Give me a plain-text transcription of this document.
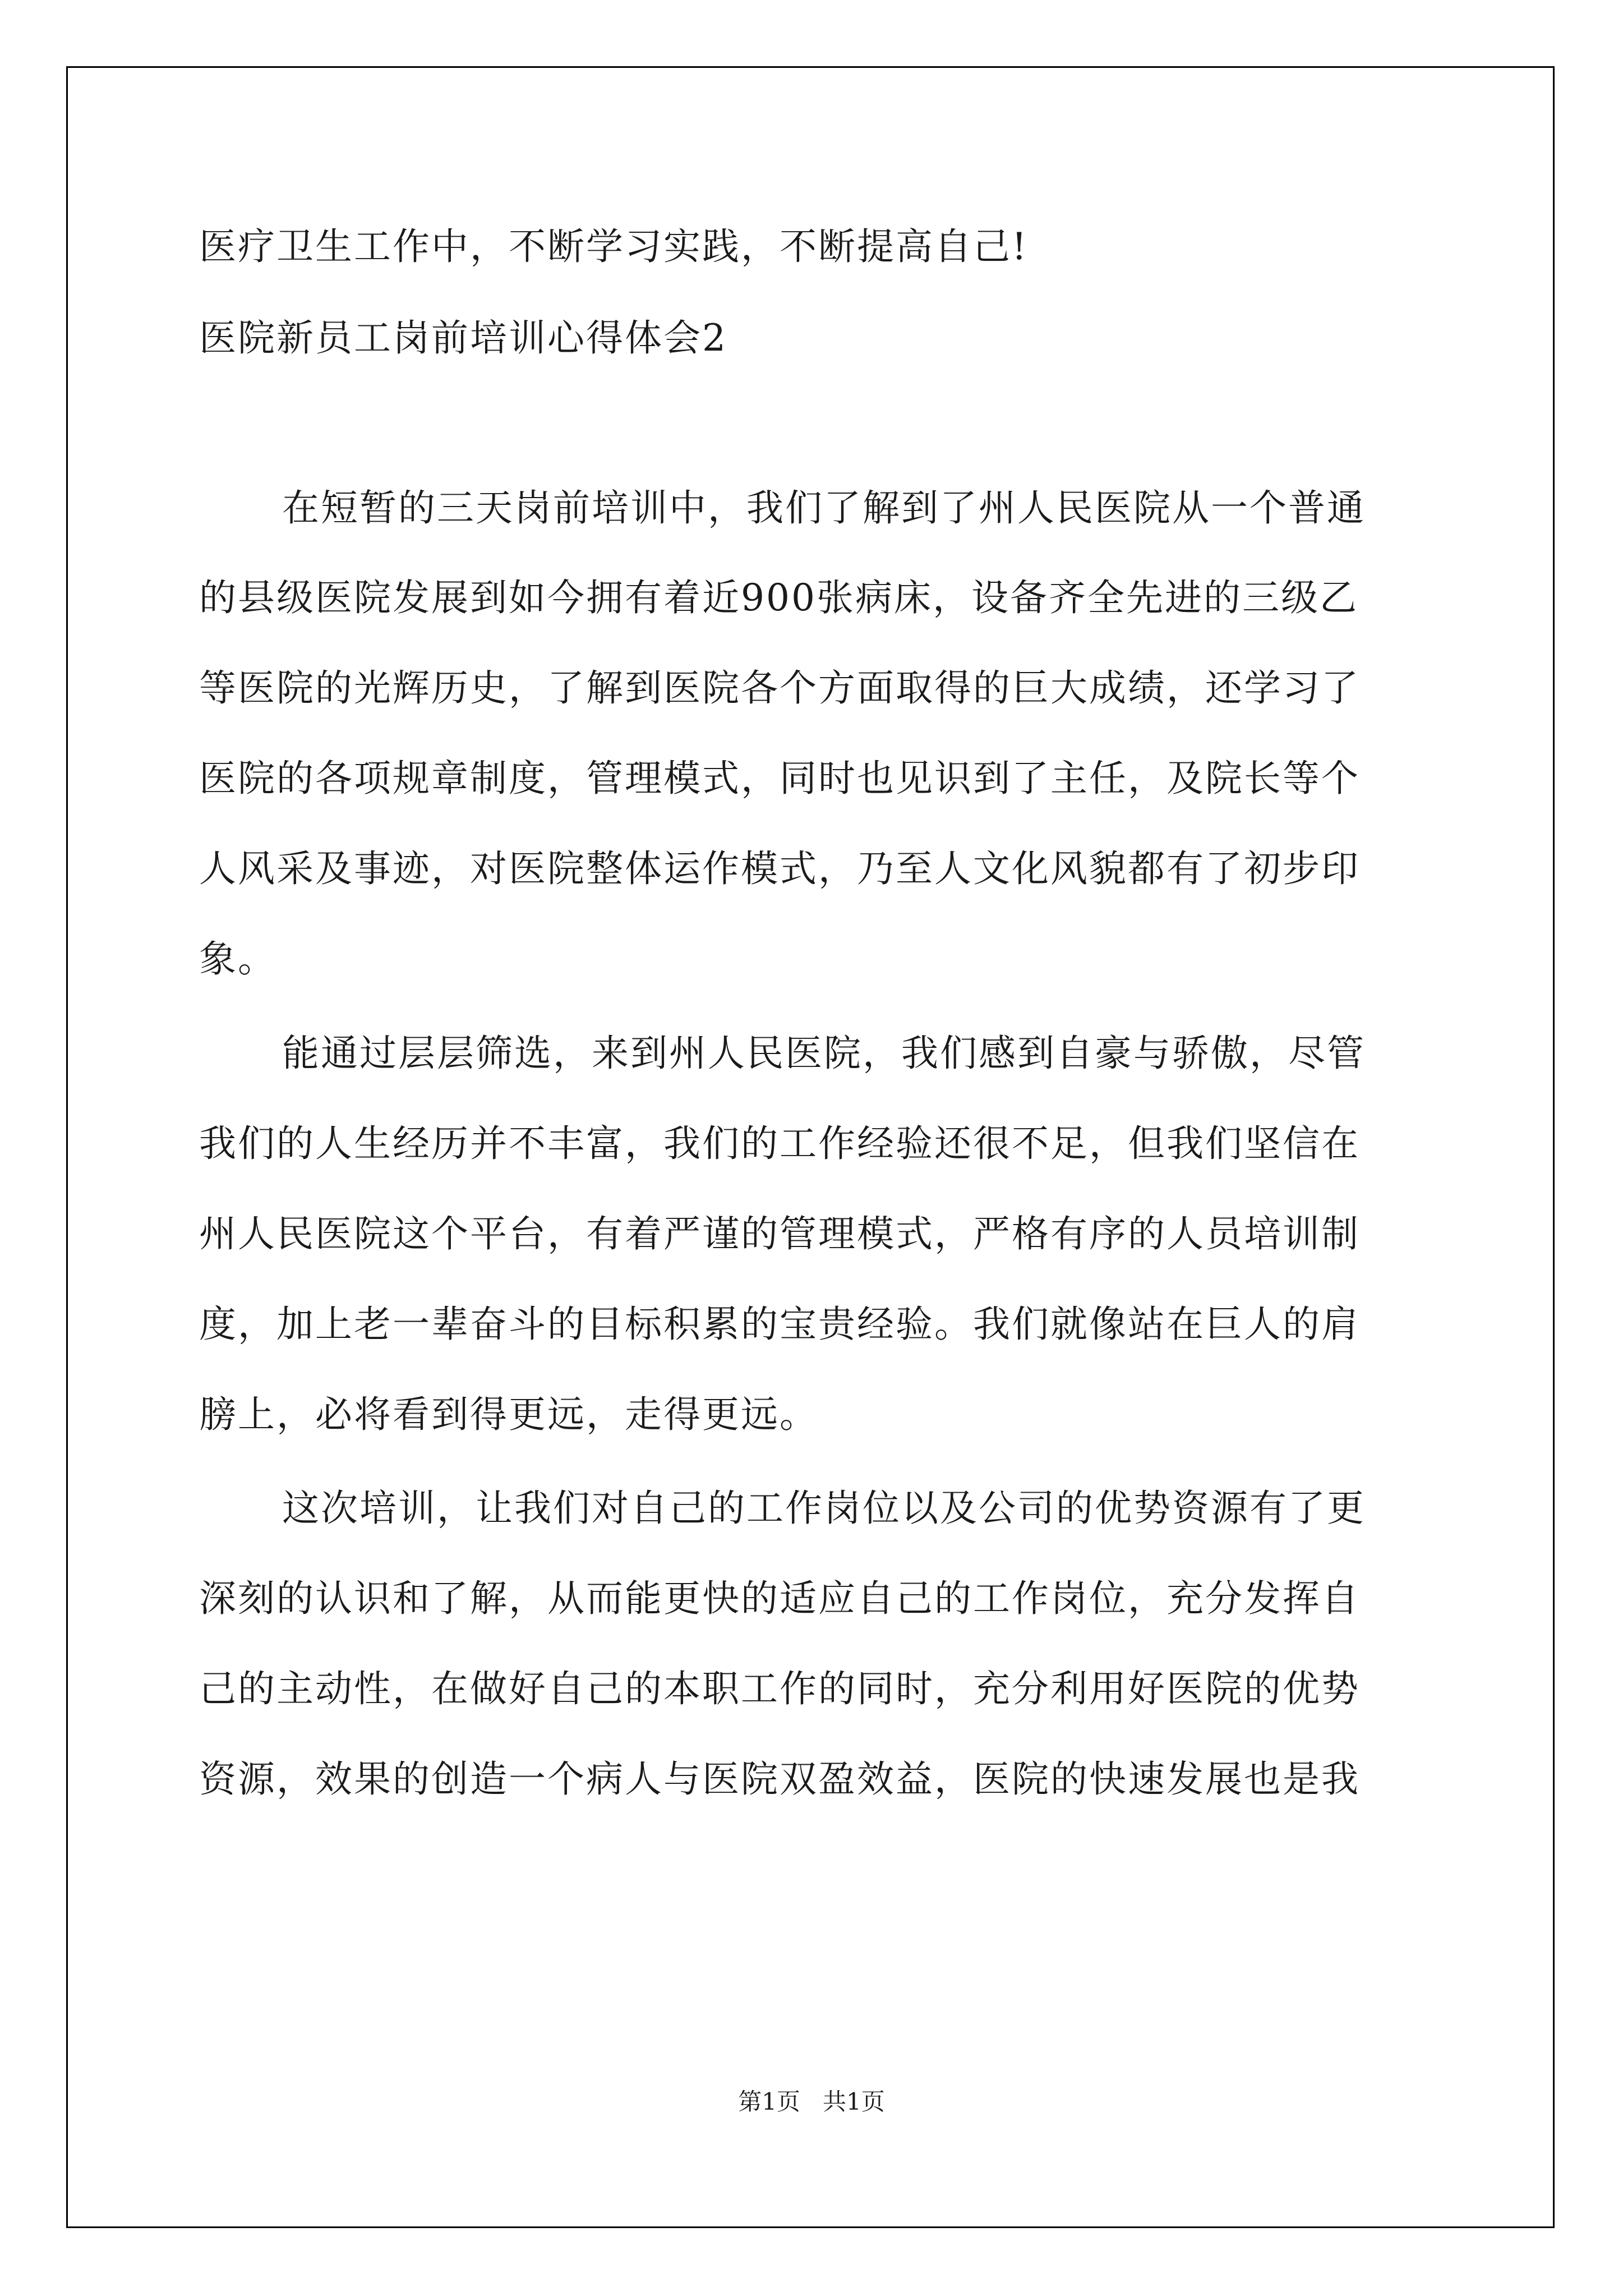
医疗卫生工作中，不断学习实践，不断提高自己!
医院新员工岗前培训心得体会2
在短暂的三天岗前培训中，我们了解到了州人民医院从一个普通
的县级医院发展到如今拥有着近900张病床，设备齐全先进的三级乙
等医院的光辉历史，了解到医院各个方面取得的巨大成绩，还学习了
医院的各项规章制度，管理模式，同时也见识到了主任，及院长等个
人风采及事迹，对医院整体运作模式，乃至人文化风貌都有了初步印
象。
能通过层层筛选，来到州人民医院，我们感到自豪与骄傲，尽管
我们的人生经历并不丰富，我们的工作经验还很不足，但我们坚信在
州人民医院这个平台，有着严谨的管理模式，严格有序的人员培训制
度，加上老一辈奋斗的目标积累的宝贵经验。我们就像站在巨人的肩
膀上，必将看到得更远，走得更远。
这次培训，让我们对自己的工作岗位以及公司的优势资源有了更
深刻的认识和了解，从而能更快的适应自己的工作岗位，充分发挥自
己的主动性，在做好自己的本职工作的同时，充分利用好医院的优势
资源，效果的创造一个病人与医院双盈效益，医院的快速发展也是我
第1页   共1页
